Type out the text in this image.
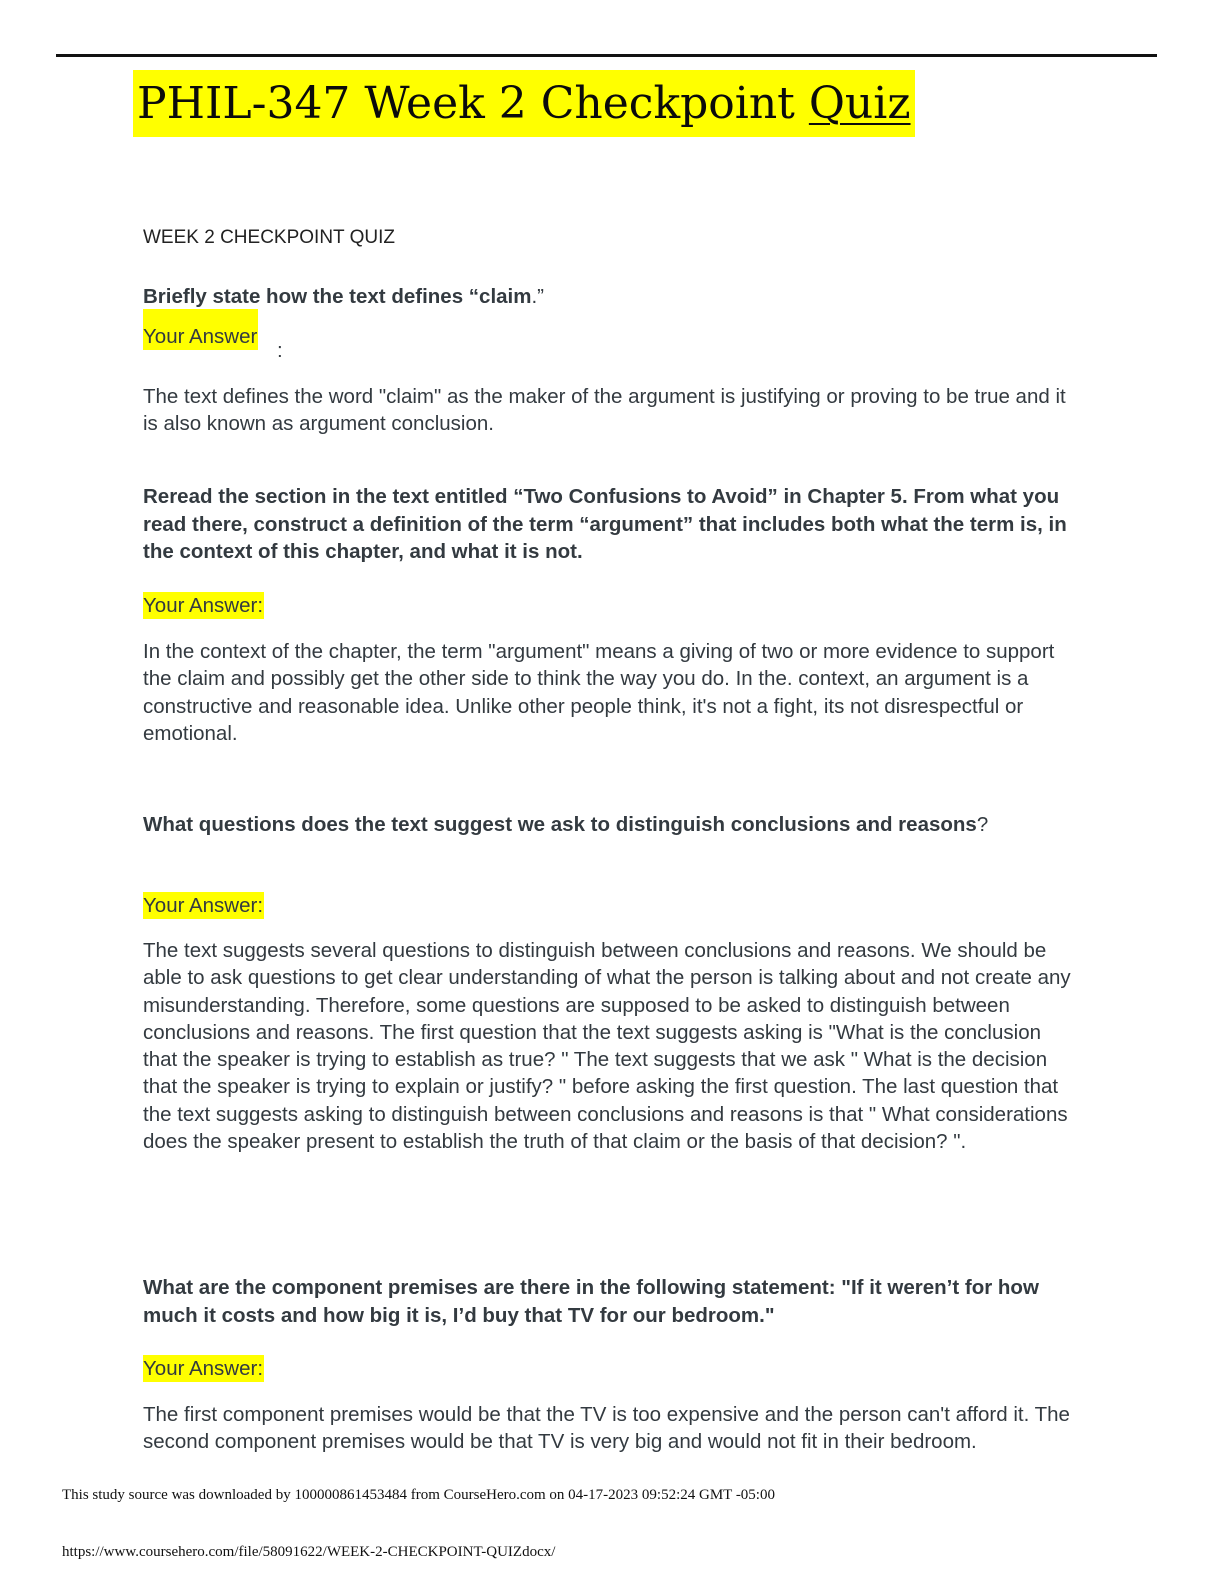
PHIL-347 Week 2 Checkpoint Quiz
WEEK 2 CHECKPOINT QUIZ
Briefly state how the text defines “claim.”
Your Answer
:

The text defines the word "claim" as the maker of the argument is justifying or proving to be true and it is also known as argument conclusion.

Reread the section in the text entitled “Two Confusions to Avoid” in Chapter 5. From what you read there, construct a definition of the term “argument” that includes both what the term is, in the context of this chapter, and what it is not.
Your Answer:

In the context of the chapter, the term "argument" means a giving of two or more evidence to support the claim and possibly get the other side to think the way you do. In the. context, an argument is a constructive and reasonable idea. Unlike other people think, it's not a fight, its not disrespectful or emotional.

What questions does the text suggest we ask to distinguish conclusions and reasons?
Your Answer:

The text suggests several questions to distinguish between conclusions and reasons. We should be able to ask questions to get clear understanding of what the person is talking about and not create any misunderstanding. Therefore, some questions are supposed to be asked to distinguish between conclusions and reasons. The first question that the text suggests asking is "What is the conclusion that the speaker is trying to establish as true? " The text suggests that we ask " What is the decision that the speaker is trying to explain or justify? " before asking the first question. The last question that the text suggests asking to distinguish between conclusions and reasons is that " What considerations does the speaker present to establish the truth of that claim or the basis of that decision? ".

What are the component premises are there in the following statement: "If it weren’t for how much it costs and how big it is, I’d buy that TV for our bedroom."
Your Answer:

The first component premises would be that the TV is too expensive and the person can't afford it. The second component premises would be that TV is very big and would not fit in their bedroom.

This study source was downloaded by 100000861453484 from CourseHero.com on 04-17-2023 09:52:24 GMT -05:00
https://www.coursehero.com/file/58091622/WEEK-2-CHECKPOINT-QUIZdocx/
